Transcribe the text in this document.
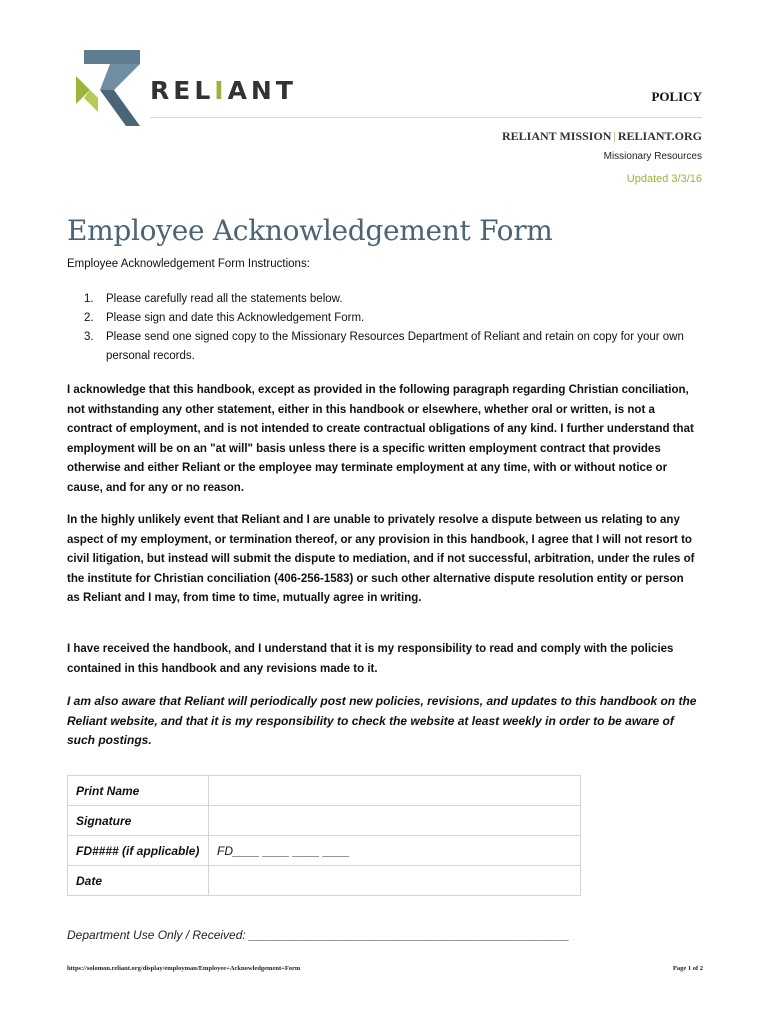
RELIANT	POLICY
RELIANT MISSION | RELIANT.ORG
Missionary Resources
Updated 3/3/16
Employee Acknowledgement Form
Employee Acknowledgement Form Instructions:
1. Please carefully read all the statements below.
2. Please sign and date this Acknowledgement Form.
3. Please send one signed copy to the Missionary Resources Department of Reliant and retain on copy for your own personal records.

I acknowledge that this handbook, except as provided in the following paragraph regarding Christian conciliation, not withstanding any other statement, either in this handbook or elsewhere, whether oral or written, is not a contract of employment, and is not intended to create contractual obligations of any kind. I further understand that employment will be on an "at will" basis unless there is a specific written employment contract that provides otherwise and either Reliant or the employee may terminate employment at any time, with or without notice or cause, and for any or no reason.

In the highly unlikely event that Reliant and I are unable to privately resolve a dispute between us relating to any aspect of my employment, or termination thereof, or any provision in this handbook, I agree that I will not resort to civil litigation, but instead will submit the dispute to mediation, and if not successful, arbitration, under the rules of the institute for Christian conciliation (406-256-1583) or such other alternative dispute resolution entity or person as Reliant and I may, from time to time, mutually agree in writing.

I have received the handbook, and I understand that it is my responsibility to read and comply with the policies contained in this handbook and any revisions made to it.

I am also aware that Reliant will periodically post new policies, revisions, and updates to this handbook on the Reliant website, and that it is my responsibility to check the website at least weekly in order to be aware of such postings.

Print Name	
Signature	
FD#### (if applicable)	FD____ ____ ____ ____
Date	
Department Use Only / Received: ________________________________________________
https://solomon.reliant.org/display/employman/Employee+Acknowledgement+Form	Page 1 of 2
